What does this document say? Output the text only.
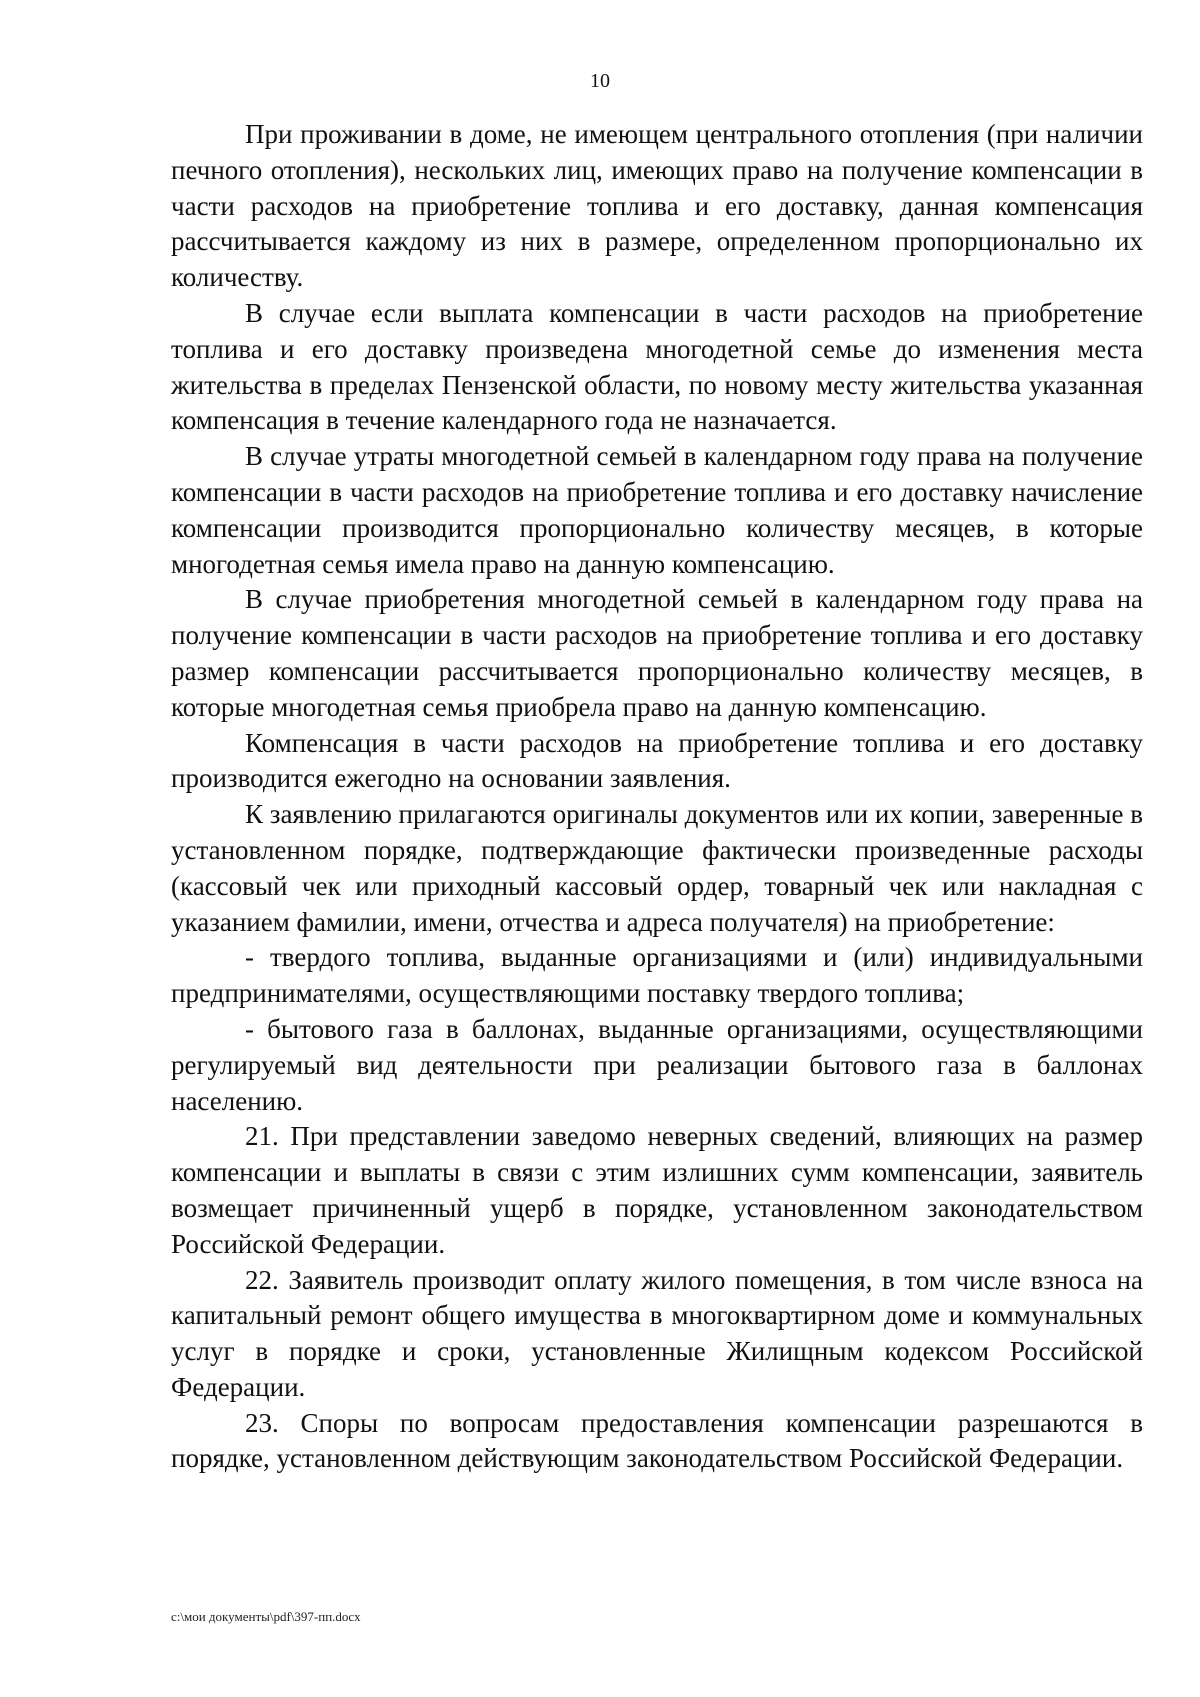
10

При проживании в доме, не имеющем центрального отопления (при наличии печного отопления), нескольких лиц, имеющих право на получение компенсации в части расходов на приобретение топлива и его доставку, данная компенсация рассчитывается каждому из них в размере, определенном пропорционально их количеству.

В случае если выплата компенсации в части расходов на приобретение топлива и его доставку произведена многодетной семье до изменения места жительства в пределах Пензенской области, по новому месту жительства указанная компенсация в течение календарного года не назначается.

В случае утраты многодетной семьей в календарном году права на получение компенсации в части расходов на приобретение топлива и его доставку начисление компенсации производится пропорционально количеству месяцев, в которые многодетная семья имела право на данную компенсацию.

В случае приобретения многодетной семьей в календарном году права на получение компенсации в части расходов на приобретение топлива и его доставку размер компенсации рассчитывается пропорционально количеству месяцев, в которые многодетная семья приобрела право на данную компенсацию.

Компенсация в части расходов на приобретение топлива и его доставку производится ежегодно на основании заявления.

К заявлению прилагаются оригиналы документов или их копии, заверенные в установленном порядке, подтверждающие фактически произведенные расходы (кассовый чек или приходный кассовый ордер, товарный чек или накладная с указанием фамилии, имени, отчества и адреса получателя) на приобретение:

- твердого топлива, выданные организациями и (или) индивидуальными предпринимателями, осуществляющими поставку твердого топлива;

- бытового газа в баллонах, выданные организациями, осуществляющими регулируемый вид деятельности при реализации бытового газа в баллонах населению.

21. При представлении заведомо неверных сведений, влияющих на размер компенсации и выплаты в связи с этим излишних сумм компенсации, заявитель возмещает причиненный ущерб в порядке, установленном законодательством Российской Федерации.

22. Заявитель производит оплату жилого помещения, в том числе взноса на капитальный ремонт общего имущества в многоквартирном доме и коммунальных услуг в порядке и сроки, установленные Жилищным кодексом Российской Федерации.

23. Споры по вопросам предоставления компенсации разрешаются в порядке, установленном действующим законодательством Российской Федерации.

c:\мои документы\pdf\397-пп.docx
